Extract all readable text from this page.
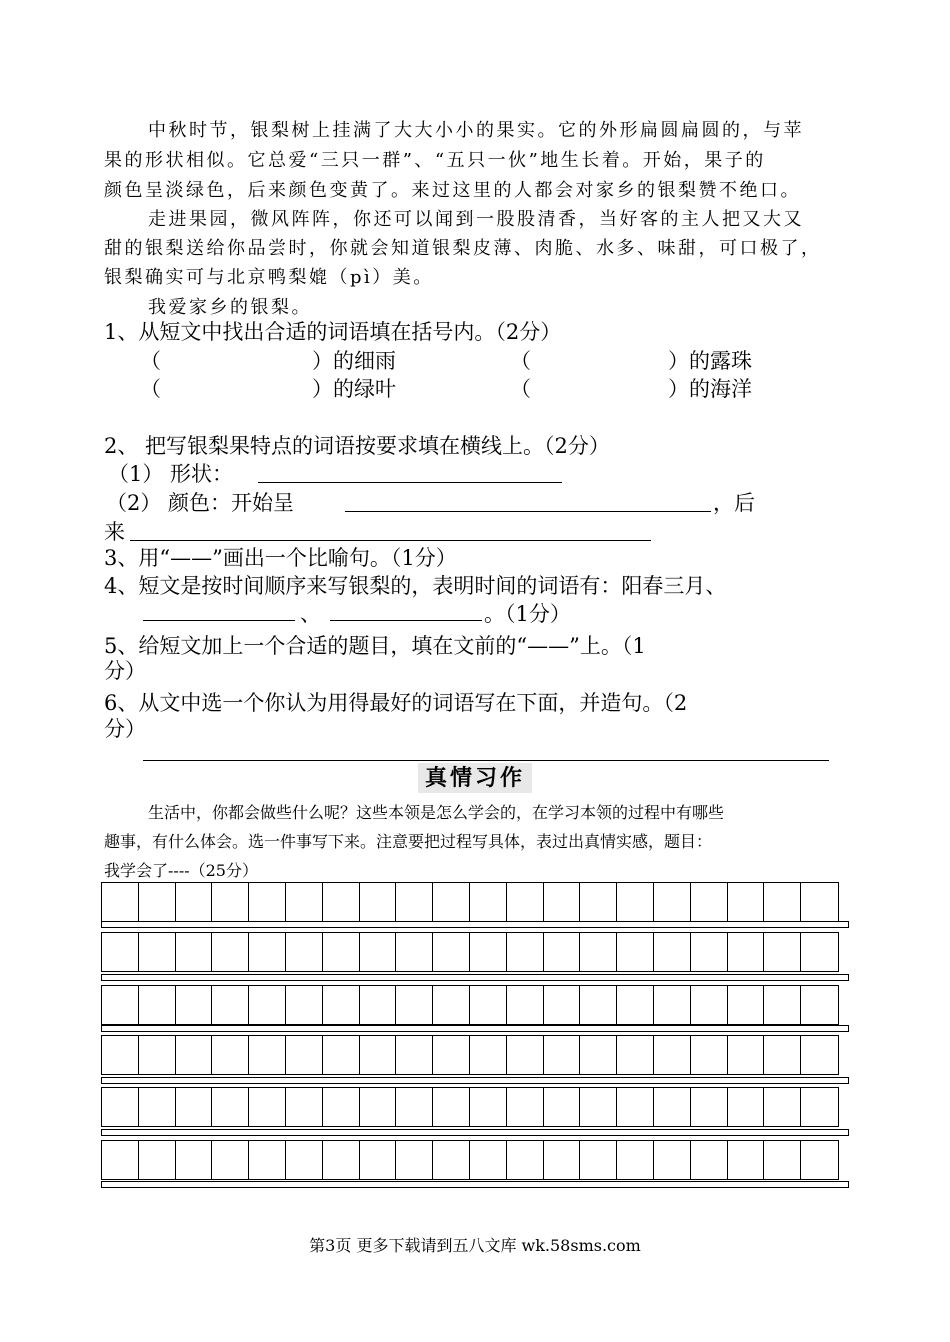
中秋时节，银梨树上挂满了大大小小的果实。它的外形扁圆扁圆的，与苹
果的形状相似。它总爱“三只一群”、“五只一伙”地生长着。开始，果子的
颜色呈淡绿色，后来颜色变黄了。来过这里的人都会对家乡的银梨赞不绝口。
走进果园，微风阵阵，你还可以闻到一股股清香，当好客的主人把又大又
甜的银梨送给你品尝时，你就会知道银梨皮薄、肉脆、水多、味甜，可口极了，
银梨确实可与北京鸭梨媲（pì）美。
我爱家乡的银梨。
1、从短文中找出合适的词语填在括号内。（2分）
（	）的细雨	（	）的露珠
（	）的绿叶	（	）的海洋
2、 把写银梨果特点的词语按要求填在横线上。（2分）
（1） 形状：
（2） 颜色：开始呈	，后
来
3、用“——”画出一个比喻句。（1分）
4、短文是按时间顺序来写银梨的，表明时间的词语有：阳春三月、
、	。（1分）
5、给短文加上一个合适的题目，填在文前的“——”上。（1
分）
6、从文中选一个你认为用得最好的词语写在下面，并造句。（2
分）
真情习作
生活中，你都会做些什么呢？这些本领是怎么学会的，在学习本领的过程中有哪些
趣事，有什么体会。选一件事写下来。注意要把过程写具体，表过出真情实感，题目：
我学会了----（25分）
第3页 更多下载请到五八文库 wk.58sms.com
